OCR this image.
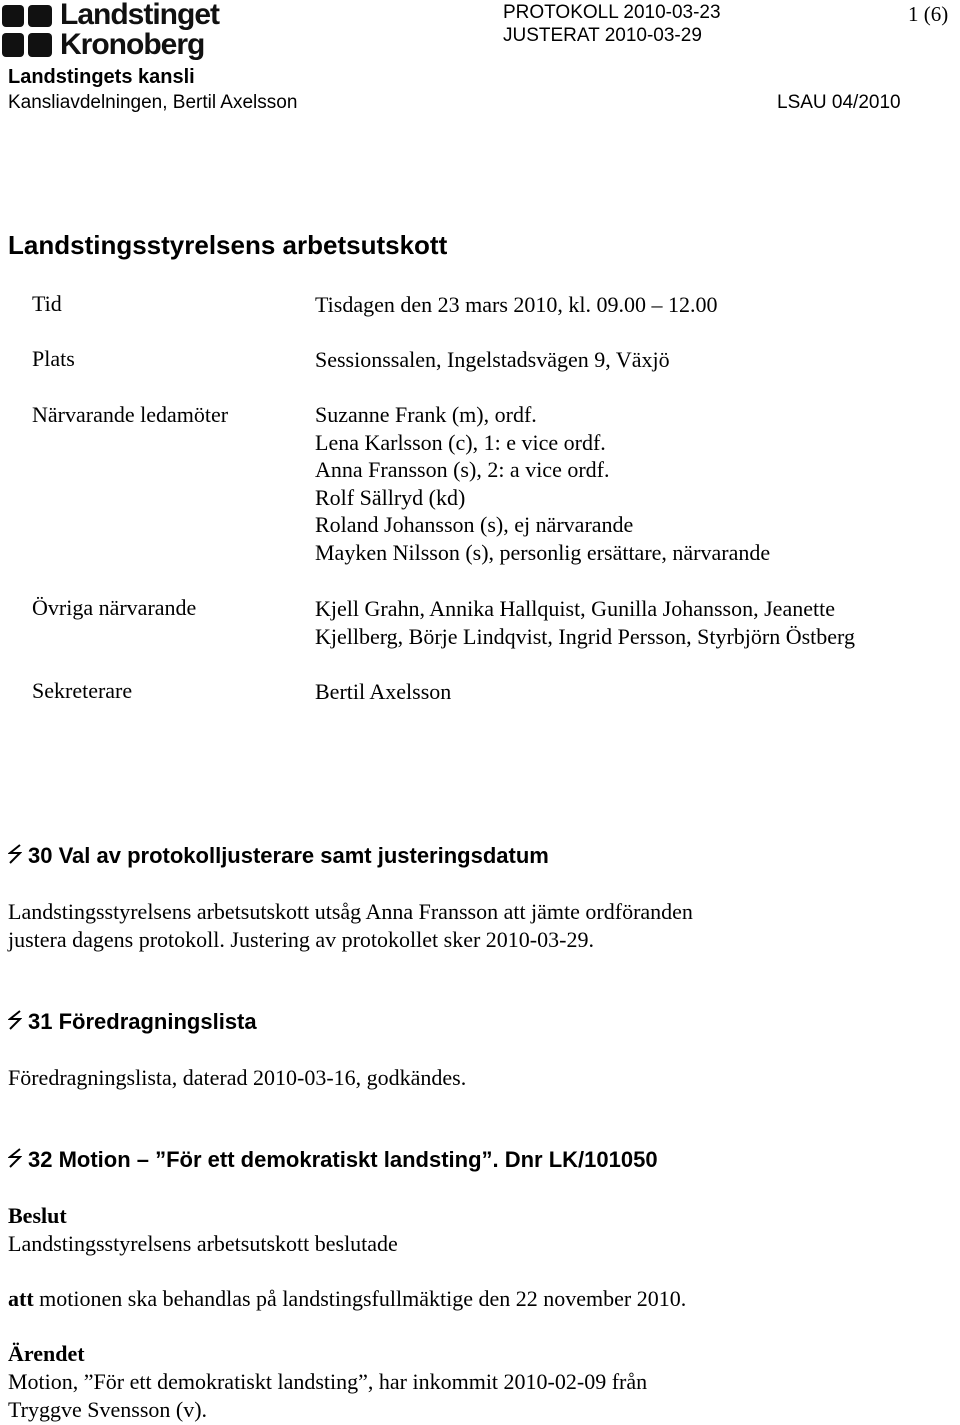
Landstinget
Kronoberg
PROTOKOLL 2010-03-23
JUSTERAT 2010-03-29
1 (6)
Landstingets kansli
Kansliavdelningen, Bertil Axelsson	LSAU 04/2010
Landstingsstyrelsens arbetsutskott
Tid	Tisdagen den 23 mars 2010, kl. 09.00 – 12.00
Plats	Sessionssalen, Ingelstadsvägen 9, Växjö
Närvarande ledamöter	Suzanne Frank (m), ordf.
Lena Karlsson (c), 1: e vice ordf.
Anna Fransson (s), 2: a vice ordf.
Rolf Sällryd (kd)
Roland Johansson (s), ej närvarande
Mayken Nilsson (s), personlig ersättare, närvarande
Övriga närvarande	Kjell Grahn, Annika Hallquist, Gunilla Johansson, Jeanette
Kjellberg, Börje Lindqvist, Ingrid Persson, Styrbjörn Östberg
Sekreterare	Bertil Axelsson
30 Val av protokolljusterare samt justeringsdatum
Landstingsstyrelsens arbetsutskott utsåg Anna Fransson att jämte ordföranden
justera dagens protokoll. Justering av protokollet sker 2010-03-29.
31 Föredragningslista
Föredragningslista, daterad 2010-03-16, godkändes.
32 Motion – ”För ett demokratiskt landsting”. Dnr LK/101050
Beslut
Landstingsstyrelsens arbetsutskott beslutade
att motionen ska behandlas på landstingsfullmäktige den 22 november 2010.
Ärendet
Motion, ”För ett demokratiskt landsting”, har inkommit 2010-02-09 från
Tryggve Svensson (v).
